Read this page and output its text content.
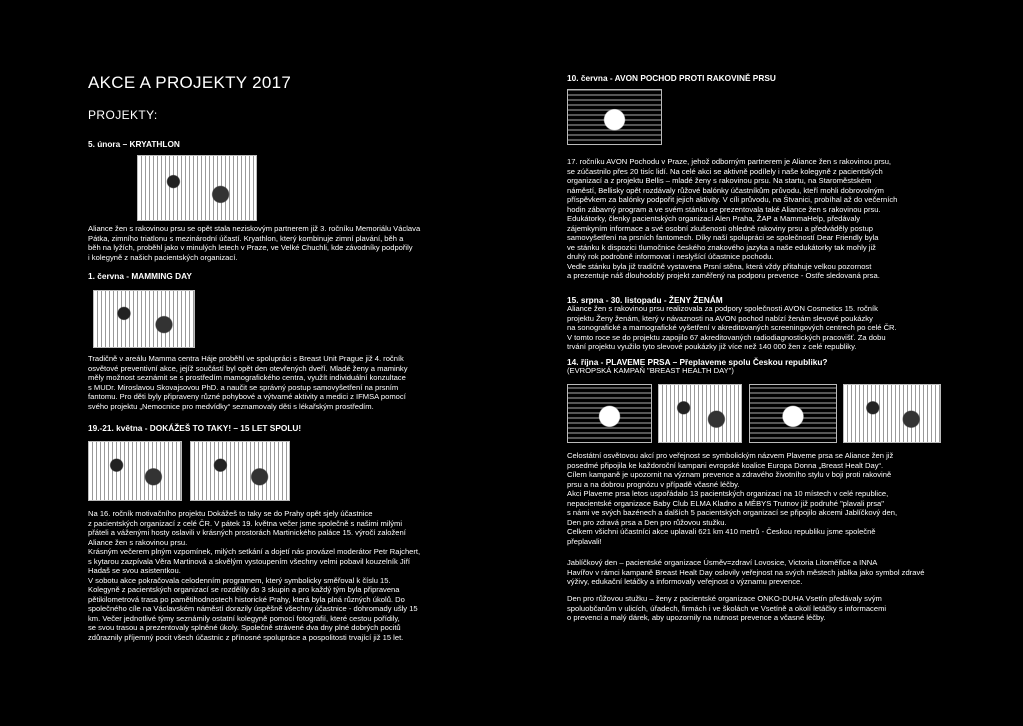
AKCE A PROJEKTY 2017
PROJEKTY:
5. února – KRYATHLON
Aliance žen s rakovinou prsu se opět stala neziskovým partnerem již 3. ročníku Memoriálu Václava
Pátka, zimního triatlonu s mezinárodní účastí. Kryathlon, který kombinuje zimní plavání, běh a
běh na lyžích, proběhl jako v minulých letech v Praze, ve Velké Chuchli, kde závodníky podpořily
i kolegyně z našich pacientských organizací.
1. června - MAMMING DAY
Tradičně v areálu Mamma centra Háje proběhl ve spolupráci s Breast Unit Prague již 4. ročník
osvětové preventivní akce, jejíž součástí byl opět den otevřených dveří. Mladé ženy a maminky
měly možnost seznámit se s prostředím mamografického centra, využít individuální konzultace
s MUDr. Miroslavou Skovajsovou PhD. a naučit se správný postup samovyšetření na prsním
fantomu. Pro děti byly připraveny různé pohybové a výtvarné aktivity a medici z IFMSA pomocí
svého projektu „Nemocnice pro medvídky“ seznamovaly děti s lékařským prostředím.
19.-21. května - DOKÁŽEŠ TO TAKY! – 15 LET SPOLU!
Na 16. ročník motivačního projektu Dokážeš to taky se do Prahy opět sjely účastnice
z pacientských organizací z celé ČR. V pátek 19. května večer jsme společně s našimi milými
přáteli a váženými hosty oslavili v krásných prostorách Martinického paláce 15. výročí založení
Aliance žen s rakovinou prsu.
Krásným večerem plným vzpomínek, milých setkání a dojetí nás provázel moderátor Petr Rajchert,
s kytarou zazpívala Věra Martinová a skvělým vystoupením všechny velmi pobavil kouzelník Jiří
Hadaš se svou asistentkou.
V sobotu akce pokračovala celodenním programem, který symbolicky směřoval k číslu 15.
Kolegyně z pacientských organizací se rozdělily do 3 skupin a pro každý tým byla připravena
pětikilometrová trasa po pamětihodnostech historické Prahy, která byla plná různých úkolů. Do
společného cíle na Václavském náměstí dorazily úspěšně všechny účastnice - dohromady ušly 15
km. Večer jednotlivé týmy seznámily ostatní kolegyně pomocí fotografií, které cestou pořídily,
se svou trasou a prezentovaly splněné úkoly. Společně strávené dva dny plné dobrých pocitů
zdůraznily příjemný pocit všech účastnic z přínosné spolupráce a pospolitosti trvající již 15 let.
10. června - AVON POCHOD PROTI RAKOVINĚ PRSU
17. ročníku AVON Pochodu v Praze, jehož odborným partnerem je Aliance žen s rakovinou prsu,
se zúčastnilo přes 20 tisíc lidí. Na celé akci se aktivně podílely i naše kolegyně z pacientských
organizací a z projektu Bellis – mladé ženy s rakovinou prsu. Na startu, na Staroměstském
náměstí, Bellisky opět rozdávaly růžové balónky účastníkům průvodu, kteří mohli dobrovolným
příspěvkem za balónky podpořit jejich aktivity. V cíli průvodu, na Štvanici, probíhal až do večerních
hodin zábavný program a ve svém stánku se prezentovala také Aliance žen s rakovinou prsu.
Edukátorky, členky pacientských organizací Alen Praha, ŽAP a MammaHelp, předávaly
zájemkyním informace a své osobní zkušenosti ohledně rakoviny prsu a předváděly postup
samovyšetření na prsních fantomech. Díky naší spolupráci se společností Dear Friendly byla
ve stánku k dispozici tlumočnice českého znakového jazyka a naše edukátorky tak mohly již
druhý rok podrobně informovat i neslyšící účastnice pochodu.
Vedle stánku byla již tradičně vystavena Prsní stěna, která vždy přitahuje velkou pozornost
a prezentuje náš dlouhodobý projekt zaměřený na podporu prevence - Ostře sledovaná prsa.
15. srpna - 30. listopadu - ŽENY ŽENÁM
Aliance žen s rakovinou prsu realizovala za podpory společnosti AVON Cosmetics 15. ročník
projektu Ženy ženám, který v návaznosti na AVON pochod nabízí ženám slevové poukázky
na sonografické a mamografické vyšetření v akreditovaných screeningových centrech po celé ČR.
V tomto roce se do projektu zapojilo 67 akreditovaných radiodiagnostických pracovišť. Za dobu
trvání projektu využilo tyto slevové poukázky již více než 140 000 žen z celé republiky.
14. října - PLAVEME PRSA – Přeplaveme spolu Českou republiku?
(EVROPSKÁ KAMPAŇ "BREAST HEALTH DAY")
Celostátní osvětovou akcí pro veřejnost se symbolickým názvem Plaveme prsa se Aliance žen již
posedmé připojila ke každoroční kampani evropské koalice Europa Donna „Breast Healt Day“.
Cílem kampaně je upozornit na význam prevence a zdravého životního stylu v boji proti rakovině
prsu a na dobrou prognózu v případě včasné léčby.
Akci Plaveme prsa letos uspořádalo 13 pacientských organizací na 10 místech v celé republice,
nepacientské organizace Baby Club ELMA Kladno a MĚBYS Trutnov již podruhé "plavali prsa"
s námi ve svých bazénech a dalších 5 pacientských organizací se připojilo akcemi Jablíčkový den,
Den pro zdravá prsa a Den pro růžovou stužku.
Celkem všichni účastníci akce uplavali 621 km 410 metrů - Českou republiku jsme společně
přeplavali!
Jablíčkový den – pacientské organizace Úsměv=zdraví Lovosice, Victoria Litoměřice a INNA
Havířov v rámci kampaně Breast Healt Day oslovily veřejnost na svých městech jablka jako symbol zdravé
výživy, edukační letáčky a informovaly veřejnost o významu prevence.
Den pro růžovou stužku – ženy z pacientské organizace ONKO-DUHA Vsetín předávaly svým
spoluobčanům v ulicích, úřadech, firmách i ve školách ve Vsetíně a okolí letáčky s informacemi
o prevenci a malý dárek, aby upozornily na nutnost prevence a včasné léčby.
